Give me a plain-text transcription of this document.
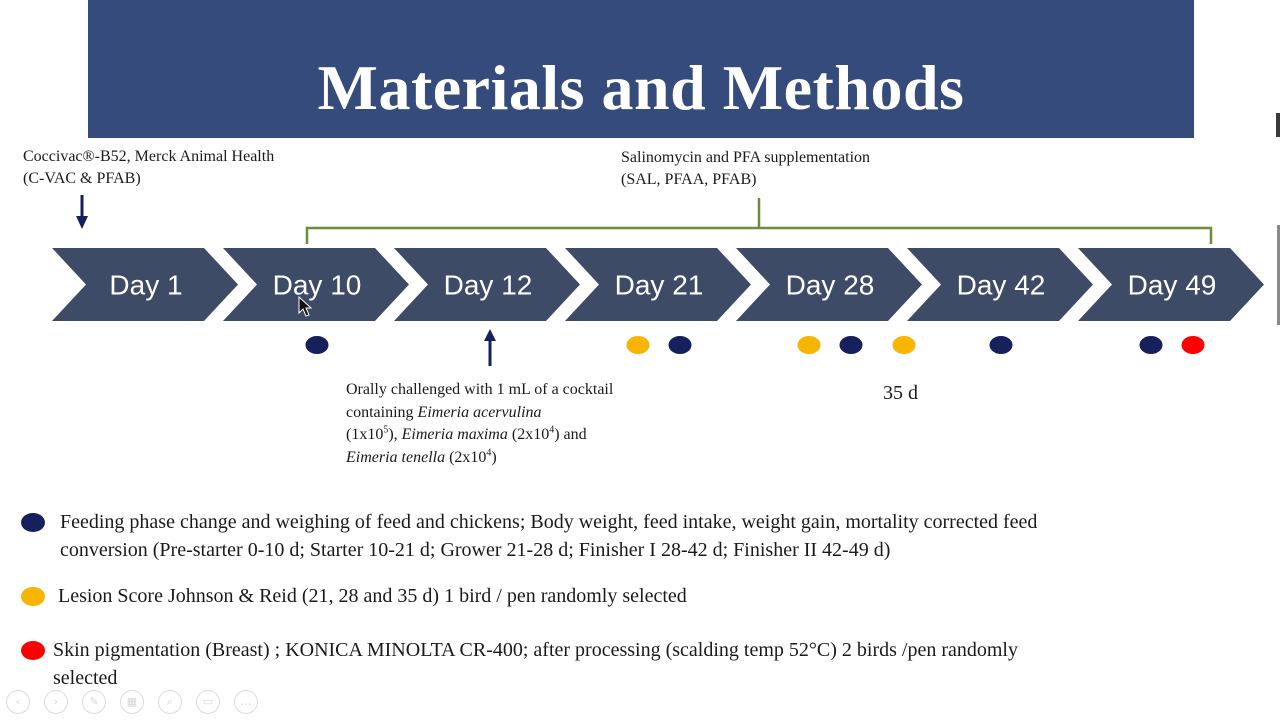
Materials and Methods
Coccivac®-B52, Merck Animal Health
(C-VAC & PFAB)
Salinomycin and PFA supplementation
(SAL, PFAA, PFAB)
Day 1	Day 10	Day 12	Day 21	Day 28	Day 42	Day 49
Orally challenged with 1 mL of a cocktail containing Eimeria acervulina
$(1x10^5)$, Eimeria maxima $(2x10^4)$ and
Eimeria tenella $(2x10^4)$
35 d
Feeding phase change and weighing of feed and chickens; Body weight, feed intake, weight gain, mortality corrected feed
conversion (Pre-starter 0-10 d; Starter 10-21 d; Grower 21-28 d; Finisher I 28-42 d; Finisher II 42-49 d)
Lesion Score Johnson & Reid (21, 28 and 35 d) 1 bird / pen randomly selected
Skin pigmentation (Breast) ; KONICA MINOLTA CR-400; after processing (scalding temp 52°C) 2 birds /pen randomly
selected
‹	›	✎	▦	⌕	▭	…
